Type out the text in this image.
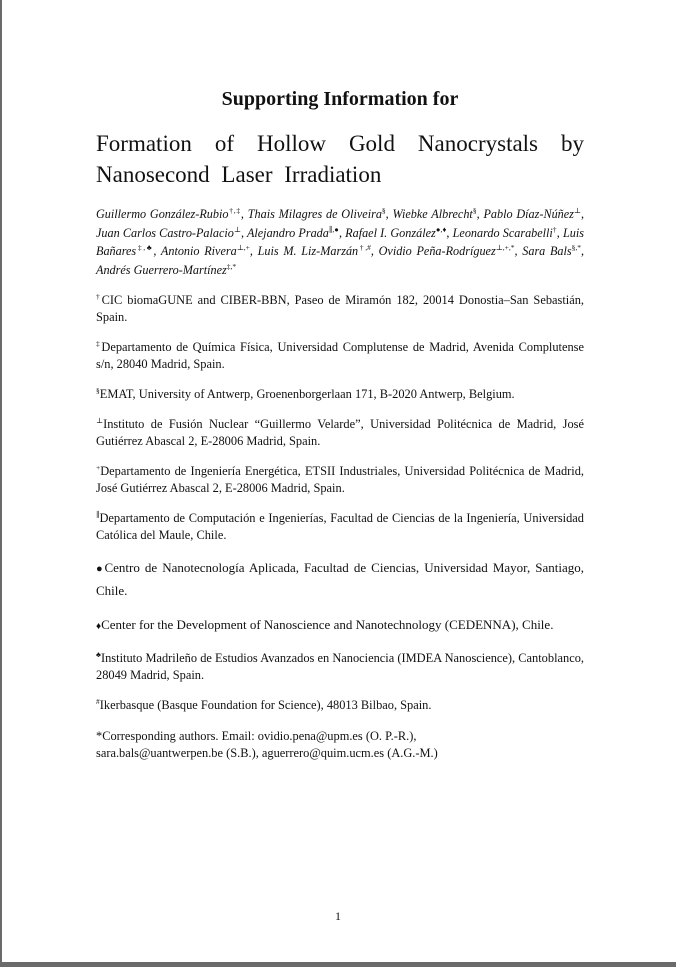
Supporting Information for
Formation of Hollow Gold Nanocrystals by Nanosecond Laser Irradiation

Guillermo González-Rubio†,‡, Thais Milagres de Oliveira§, Wiebke Albrecht§, Pablo Díaz-Núñez⊥, Juan Carlos Castro-Palacio⊥, Alejandro Prada∥,●, Rafael I. González●,♦, Leonardo Scarabelli†, Luis Bañares‡,♣, Antonio Rivera⊥,+, Luis M. Liz-Marzán†,#, Ovidio Peña-Rodríguez⊥,+,*, Sara Bals§,*, Andrés Guerrero-Martínez‡,*

†CIC biomaGUNE and CIBER-BBN, Paseo de Miramón 182, 20014 Donostia–San Sebastián, Spain.

‡Departamento de Química Física, Universidad Complutense de Madrid, Avenida Complutense s/n, 28040 Madrid, Spain.

§EMAT, University of Antwerp, Groenenborgerlaan 171, B-2020 Antwerp, Belgium.

⊥Instituto de Fusión Nuclear “Guillermo Velarde”, Universidad Politécnica de Madrid, José Gutiérrez Abascal 2, E-28006 Madrid, Spain.

+Departamento de Ingeniería Energética, ETSII Industriales, Universidad Politécnica de Madrid, José Gutiérrez Abascal 2, E-28006 Madrid, Spain.

∥Departamento de Computación e Ingenierías, Facultad de Ciencias de la Ingeniería, Universidad Católica del Maule, Chile.

●Centro de Nanotecnología Aplicada, Facultad de Ciencias, Universidad Mayor, Santiago, Chile.

♦Center for the Development of Nanoscience and Nanotechnology (CEDENNA), Chile.

♣Instituto Madrileño de Estudios Avanzados en Nanociencia (IMDEA Nanoscience), Cantoblanco, 28049 Madrid, Spain.

#Ikerbasque (Basque Foundation for Science), 48013 Bilbao, Spain.

*Corresponding authors. Email: ovidio.pena@upm.es (O. P.-R.),
sara.bals@uantwerpen.be (S.B.), aguerrero@quim.ucm.es (A.G.-M.)
1
